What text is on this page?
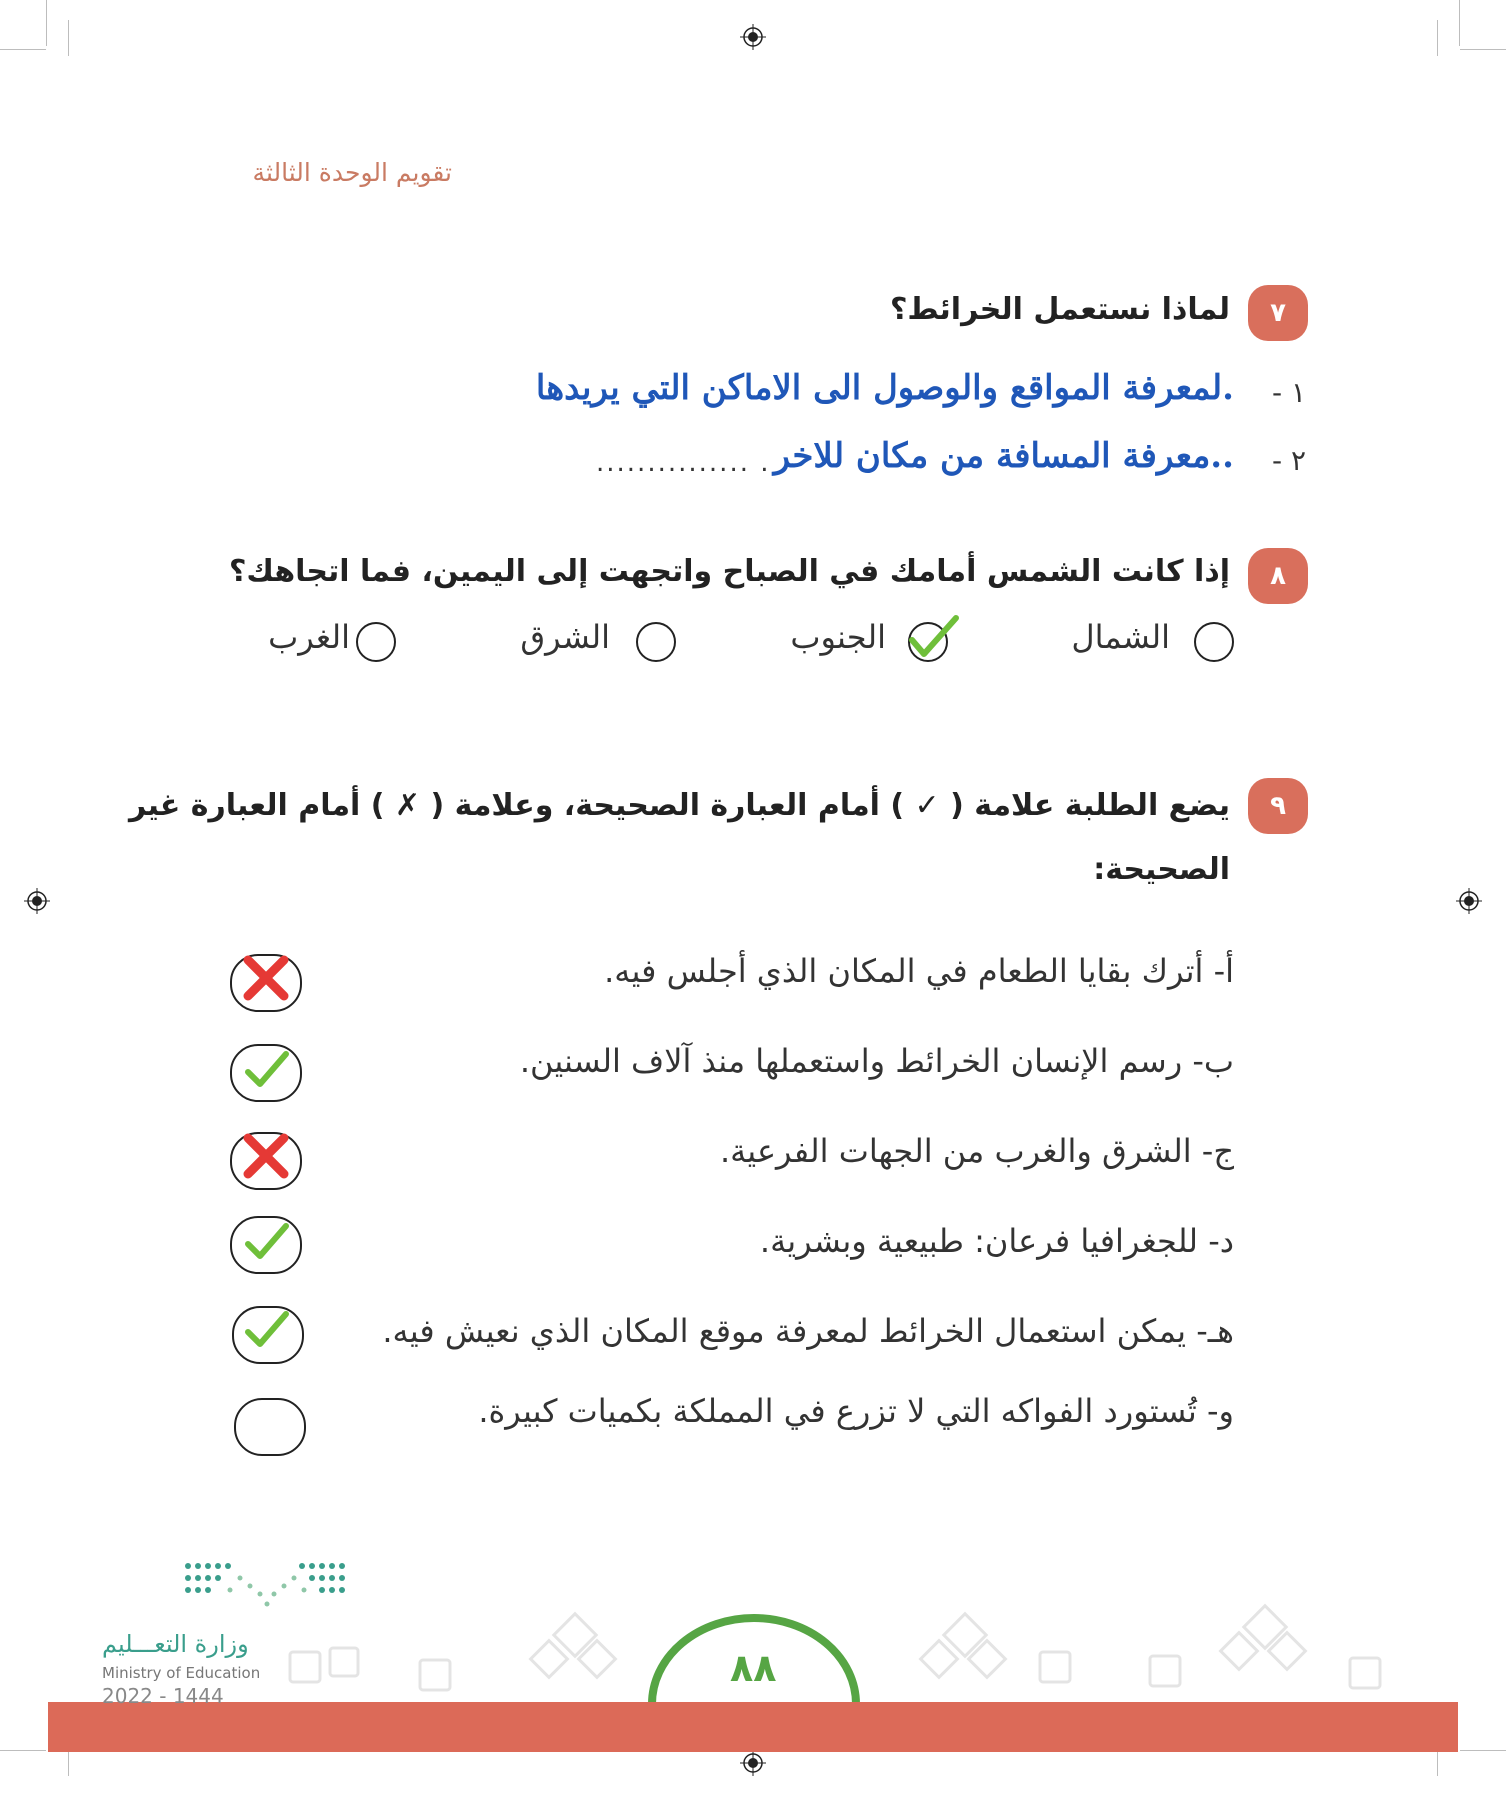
تقويم الوحدة الثالثة
٧
لماذا نستعمل الخرائط؟
١ -
.لمعرفة المواقع والوصول الى الاماكن التي يريدها
٢ -
..معرفة المسافة من مكان للاخر
............... .
٨
إذا كانت الشمس أمامك في الصباح واتجهت إلى اليمين، فما اتجاهك؟
الشمال
الجنوب
الشرق
الغرب
٩
يضع الطلبة علامة ( ✓ ) أمام العبارة الصحيحة، وعلامة ( ✗ ) أمام العبارة غير
الصحيحة:
أ- أترك بقايا الطعام في المكان الذي أجلس فيه.
ب- رسم الإنسان الخرائط واستعملها منذ آلاف السنين.
ج- الشرق والغرب من الجهات الفرعية.
د- للجغرافيا فرعان: طبيعية وبشرية.
هـ- يمكن استعمال الخرائط لمعرفة موقع المكان الذي نعيش فيه.
و- تُستورد الفواكه التي لا تزرع في المملكة بكميات كبيرة.
٨٨
وزارة التعـــليم
Ministry of Education
2022 - 1444
